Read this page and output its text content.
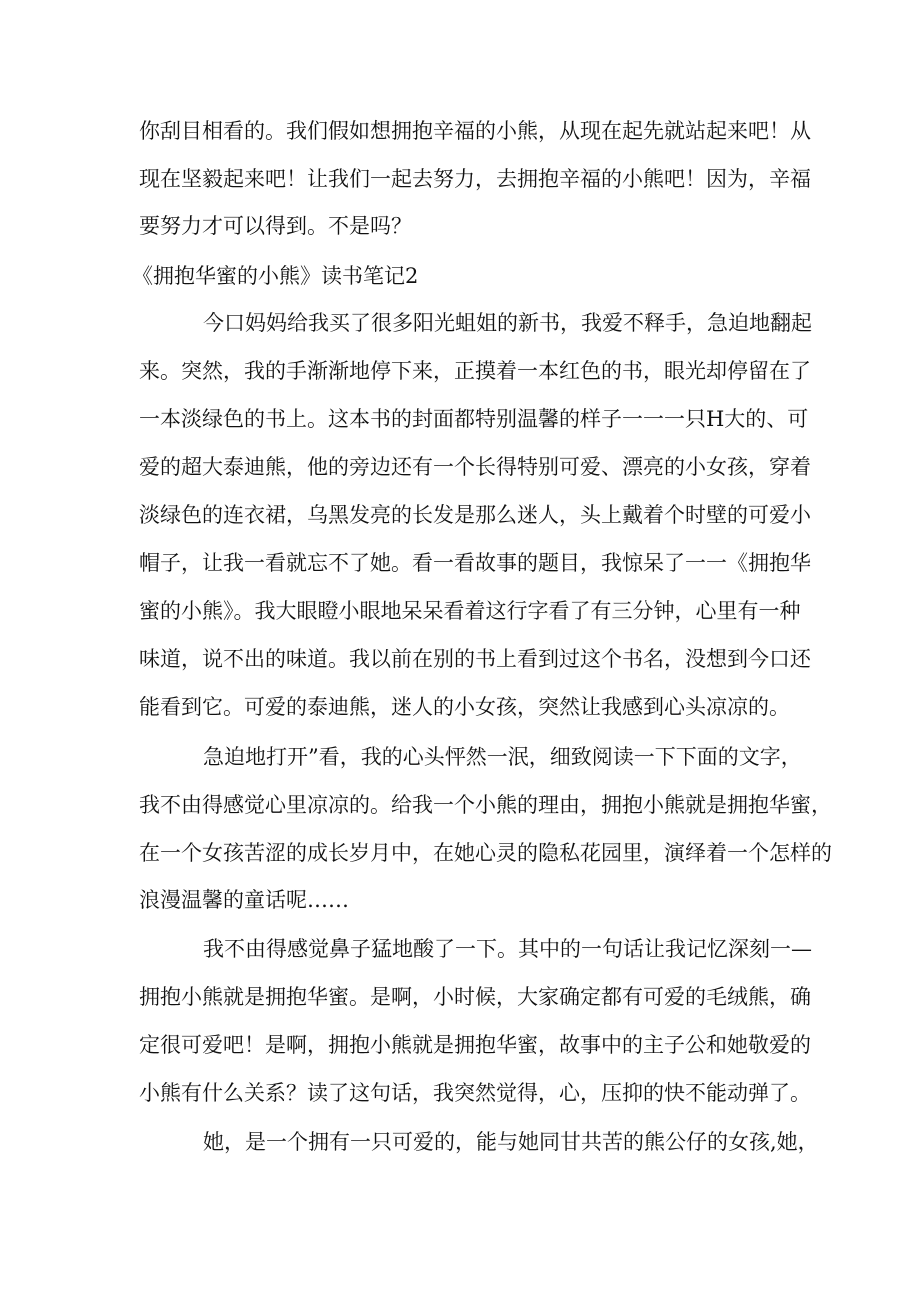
你刮目相看的。我们假如想拥抱辛福的小熊，从现在起先就站起来吧！从
现在坚毅起来吧！让我们一起去努力，去拥抱辛福的小熊吧！因为，辛福
要努力才可以得到。不是吗？
《拥抱华蜜的小熊》读书笔记2
今口妈妈给我买了很多阳光蛆姐的新书，我爱不释手，急迫地翻起
来。突然，我的手渐渐地停下来，正摸着一本红色的书，眼光却停留在了
一本淡绿色的书上。这本书的封面都特别温馨的样子一一一只H大的、可
爱的超大泰迪熊，他的旁边还有一个长得特别可爱、漂亮的小女孩，穿着
淡绿色的连衣裙，乌黑发亮的长发是那么迷人，头上戴着个时壁的可爱小
帽子，让我一看就忘不了她。看一看故事的题目，我惊呆了一一《拥抱华
蜜的小熊》。我大眼瞪小眼地呆呆看着这行字看了有三分钟，心里有一种
味道，说不出的味道。我以前在别的书上看到过这个书名，没想到今口还
能看到它。可爱的泰迪熊，迷人的小女孩，突然让我感到心头凉凉的。
急迫地打开”看，我的心头怦然一泯，细致阅读一下下面的文字，
我不由得感觉心里凉凉的。给我一个小熊的理由，拥抱小熊就是拥抱华蜜，
在一个女孩苦涩的成长岁月中，在她心灵的隐私花园里，演绎着一个怎样的
浪漫温馨的童话呢……
我不由得感觉鼻子猛地酸了一下。其中的一句话让我记忆深刻一—
拥抱小熊就是拥抱华蜜。是啊，小时候，大家确定都有可爱的毛绒熊，确
定很可爱吧！是啊，拥抱小熊就是拥抱华蜜，故事中的主子公和她敬爱的
小熊有什么关系？读了这句话，我突然觉得，心，压抑的快不能动弹了。
她，是一个拥有一只可爱的，能与她同甘共苦的熊公仔的女孩,她，
